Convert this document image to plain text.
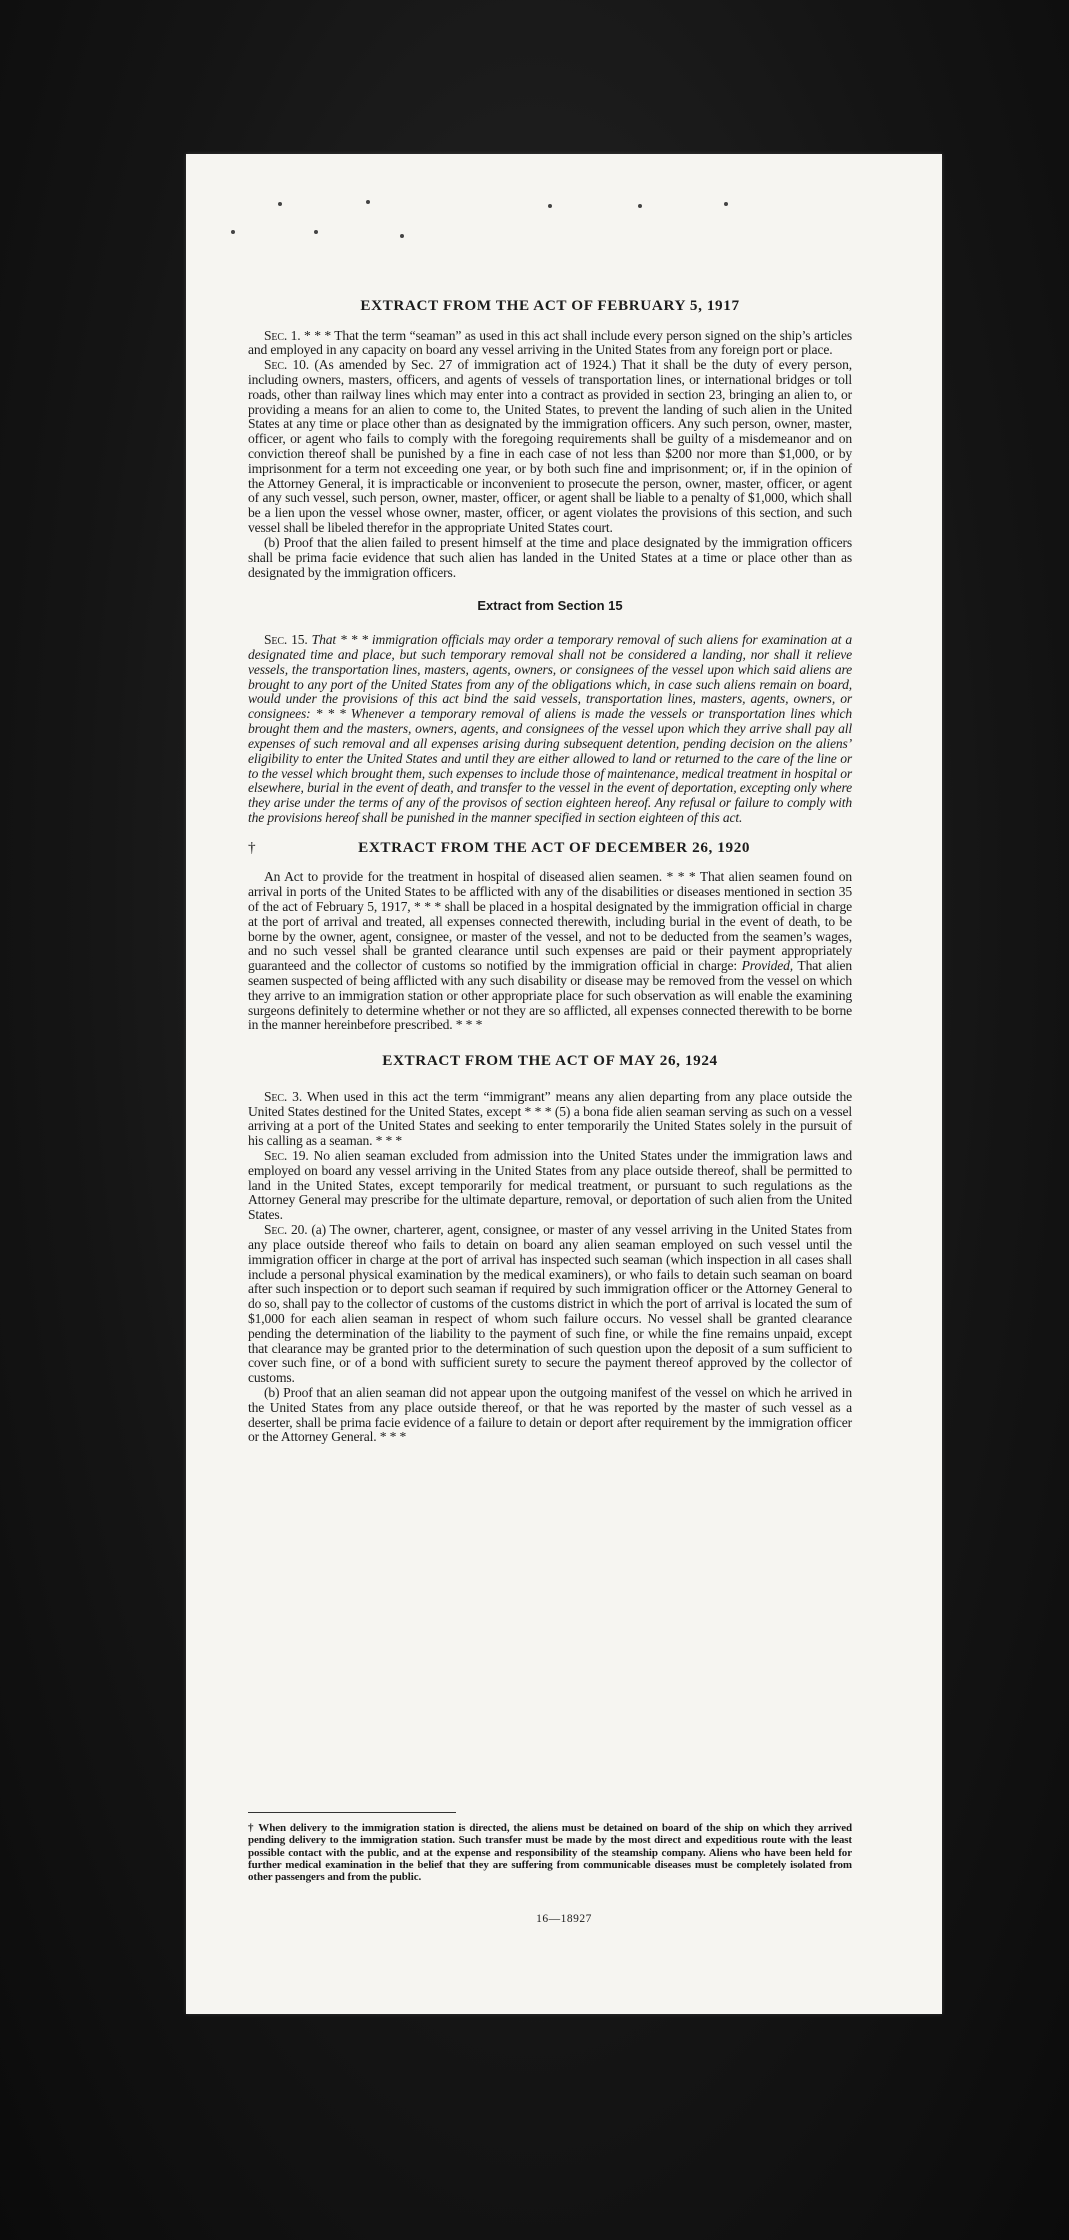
EXTRACT FROM THE ACT OF FEBRUARY 5, 1917

Sec. 1. * * * That the term “seaman” as used in this act shall include every person signed on the ship’s articles and employed in any capacity on board any vessel arriving in the United States from any foreign port or place.

Sec. 10. (As amended by Sec. 27 of immigration act of 1924.) That it shall be the duty of every person, including owners, masters, officers, and agents of vessels of transportation lines, or international bridges or toll roads, other than railway lines which may enter into a contract as provided in section 23, bringing an alien to, or providing a means for an alien to come to, the United States, to prevent the landing of such alien in the United States at any time or place other than as designated by the immigration officers. Any such person, owner, master, officer, or agent who fails to comply with the foregoing requirements shall be guilty of a misdemeanor and on conviction thereof shall be punished by a fine in each case of not less than $200 nor more than $1,000, or by imprisonment for a term not exceeding one year, or by both such fine and imprisonment; or, if in the opinion of the Attorney General, it is impracticable or inconvenient to prosecute the person, owner, master, officer, or agent of any such vessel, such person, owner, master, officer, or agent shall be liable to a penalty of $1,000, which shall be a lien upon the vessel whose owner, master, officer, or agent violates the provisions of this section, and such vessel shall be libeled therefor in the appropriate United States court.

(b) Proof that the alien failed to present himself at the time and place designated by the immigration officers shall be prima facie evidence that such alien has landed in the United States at a time or place other than as designated by the immigration officers.

Extract from Section 15

Sec. 15. That * * * immigration officials may order a temporary removal of such aliens for examination at a designated time and place, but such temporary removal shall not be considered a landing, nor shall it relieve vessels, the transportation lines, masters, agents, owners, or consignees of the vessel upon which said aliens are brought to any port of the United States from any of the obligations which, in case such aliens remain on board, would under the provisions of this act bind the said vessels, transportation lines, masters, agents, owners, or consignees: * * * Whenever a temporary removal of aliens is made the vessels or transportation lines which brought them and the masters, owners, agents, and consignees of the vessel upon which they arrive shall pay all expenses of such removal and all expenses arising during subsequent detention, pending decision on the aliens’ eligibility to enter the United States and until they are either allowed to land or returned to the care of the line or to the vessel which brought them, such expenses to include those of maintenance, medical treatment in hospital or elsewhere, burial in the event of death, and transfer to the vessel in the event of deportation, excepting only where they arise under the terms of any of the provisos of section eighteen hereof. Any refusal or failure to comply with the provisions hereof shall be punished in the manner specified in section eighteen of this act.

†	EXTRACT FROM THE ACT OF DECEMBER 26, 1920

An Act to provide for the treatment in hospital of diseased alien seamen. * * * That alien seamen found on arrival in ports of the United States to be afflicted with any of the disabilities or diseases mentioned in section 35 of the act of February 5, 1917, * * * shall be placed in a hospital designated by the immigration official in charge at the port of arrival and treated, all expenses connected therewith, including burial in the event of death, to be borne by the owner, agent, consignee, or master of the vessel, and not to be deducted from the seamen’s wages, and no such vessel shall be granted clearance until such expenses are paid or their payment appropriately guaranteed and the collector of customs so notified by the immigration official in charge: Provided, That alien seamen suspected of being afflicted with any such disability or disease may be removed from the vessel on which they arrive to an immigration station or other appropriate place for such observation as will enable the examining surgeons definitely to determine whether or not they are so afflicted, all expenses connected therewith to be borne in the manner hereinbefore prescribed. * * *

EXTRACT FROM THE ACT OF MAY 26, 1924

Sec. 3. When used in this act the term “immigrant” means any alien departing from any place outside the United States destined for the United States, except * * * (5) a bona fide alien seaman serving as such on a vessel arriving at a port of the United States and seeking to enter temporarily the United States solely in the pursuit of his calling as a seaman. * * *

Sec. 19. No alien seaman excluded from admission into the United States under the immigration laws and employed on board any vessel arriving in the United States from any place outside thereof, shall be permitted to land in the United States, except temporarily for medical treatment, or pursuant to such regulations as the Attorney General may prescribe for the ultimate departure, removal, or deportation of such alien from the United States.

Sec. 20. (a) The owner, charterer, agent, consignee, or master of any vessel arriving in the United States from any place outside thereof who fails to detain on board any alien seaman employed on such vessel until the immigration officer in charge at the port of arrival has inspected such seaman (which inspection in all cases shall include a personal physical examination by the medical examiners), or who fails to detain such seaman on board after such inspection or to deport such seaman if required by such immigration officer or the Attorney General to do so, shall pay to the collector of customs of the customs district in which the port of arrival is located the sum of $1,000 for each alien seaman in respect of whom such failure occurs. No vessel shall be granted clearance pending the determination of the liability to the payment of such fine, or while the fine remains unpaid, except that clearance may be granted prior to the determination of such question upon the deposit of a sum sufficient to cover such fine, or of a bond with sufficient surety to secure the payment thereof approved by the collector of customs.

(b) Proof that an alien seaman did not appear upon the outgoing manifest of the vessel on which he arrived in the United States from any place outside thereof, or that he was reported by the master of such vessel as a deserter, shall be prima facie evidence of a failure to detain or deport after requirement by the immigration officer or the Attorney General. * * *

† When delivery to the immigration station is directed, the aliens must be detained on board of the ship on which they arrived pending delivery to the immigration station. Such transfer must be made by the most direct and expeditious route with the least possible contact with the public, and at the expense and responsibility of the steamship company. Aliens who have been held for further medical examination in the belief that they are suffering from communicable diseases must be completely isolated from other passengers and from the public.
16—18927
